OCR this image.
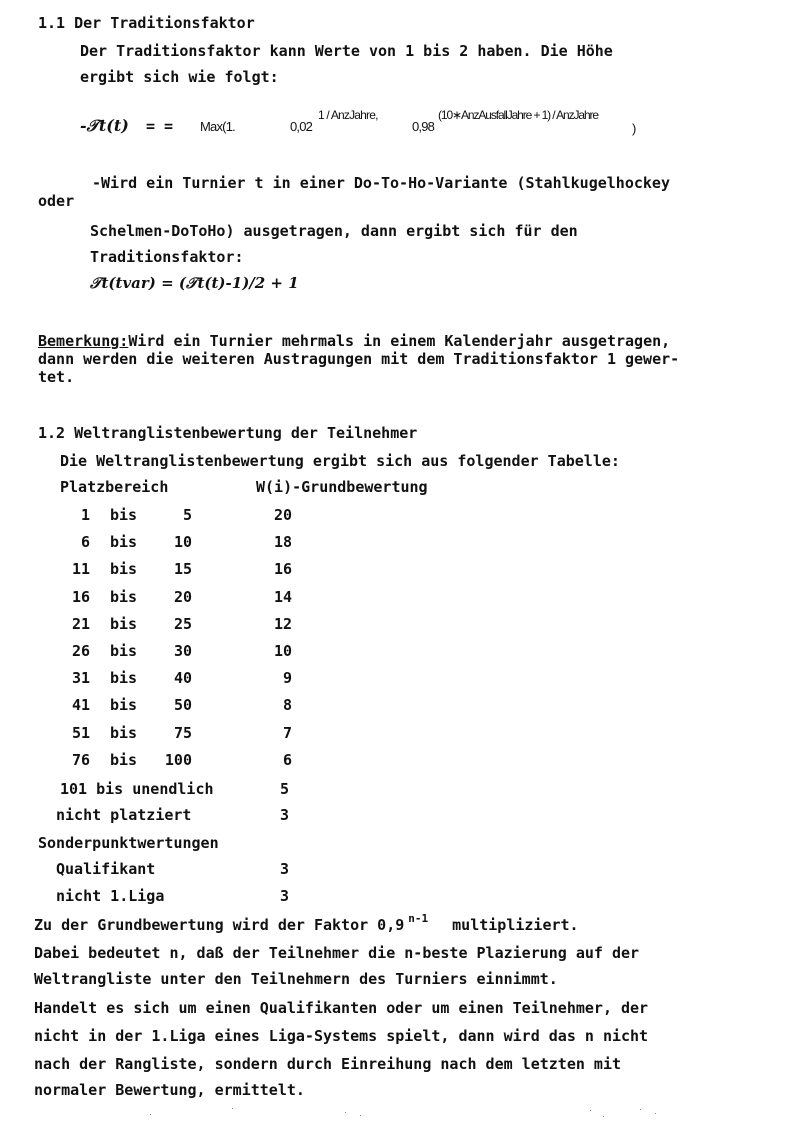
1.1 Der Traditionsfaktor
Der Traditionsfaktor kann Werte von 1 bis 2 haben. Die Höhe
ergibt sich wie folgt:
-𝒯t(t) = = Max(1.	0,02
1 / AnzJahre,
0,98
(10∗AnzAusfallJahre + 1) / AnzJahre
)
-Wird ein Turnier t in einer Do-To-Ho-Variante (Stahlkugelhockey
oder
Schelmen-DoToHo) ausgetragen, dann ergibt sich für den
Traditionsfaktor:
𝒯t(tvar) = (𝒯t(t)-1)/2 + 1
Bemerkung:Wird ein Turnier mehrmals in einem Kalenderjahr ausgetragen,
dann werden die weiteren Austragungen mit dem Traditionsfaktor 1 gewer-
tet.
1.2 Weltranglistenbewertung der Teilnehmer
Die Weltranglistenbewertung ergibt sich aus folgender Tabelle:
Platzbereich	W(i)-Grundbewertung
1 bis	5	20
6 bis 10	18
11 bis 15	16
16 bis 20	14
21 bis 25	12
26 bis 30	10
31 bis 40	9
41 bis 50	8
51 bis 75	7
76 bis 100	6
101 bis unendlich	5
nicht platziert	3
Sonderpunktwertungen
Qualifikant	3
nicht 1.Liga	3
Zu der Grundbewertung wird der Faktor 0,9 $^{n-1}$ multipliziert.
Dabei bedeutet n, daß der Teilnehmer die n-beste Plazierung auf der
Weltrangliste unter den Teilnehmern des Turniers einnimmt.
Handelt es sich um einen Qualifikanten oder um einen Teilnehmer, der
nicht in der 1.Liga eines Liga-Systems spielt, dann wird das n nicht
nach der Rangliste, sondern durch Einreihung nach dem letzten mit
normaler Bewertung, ermittelt.
